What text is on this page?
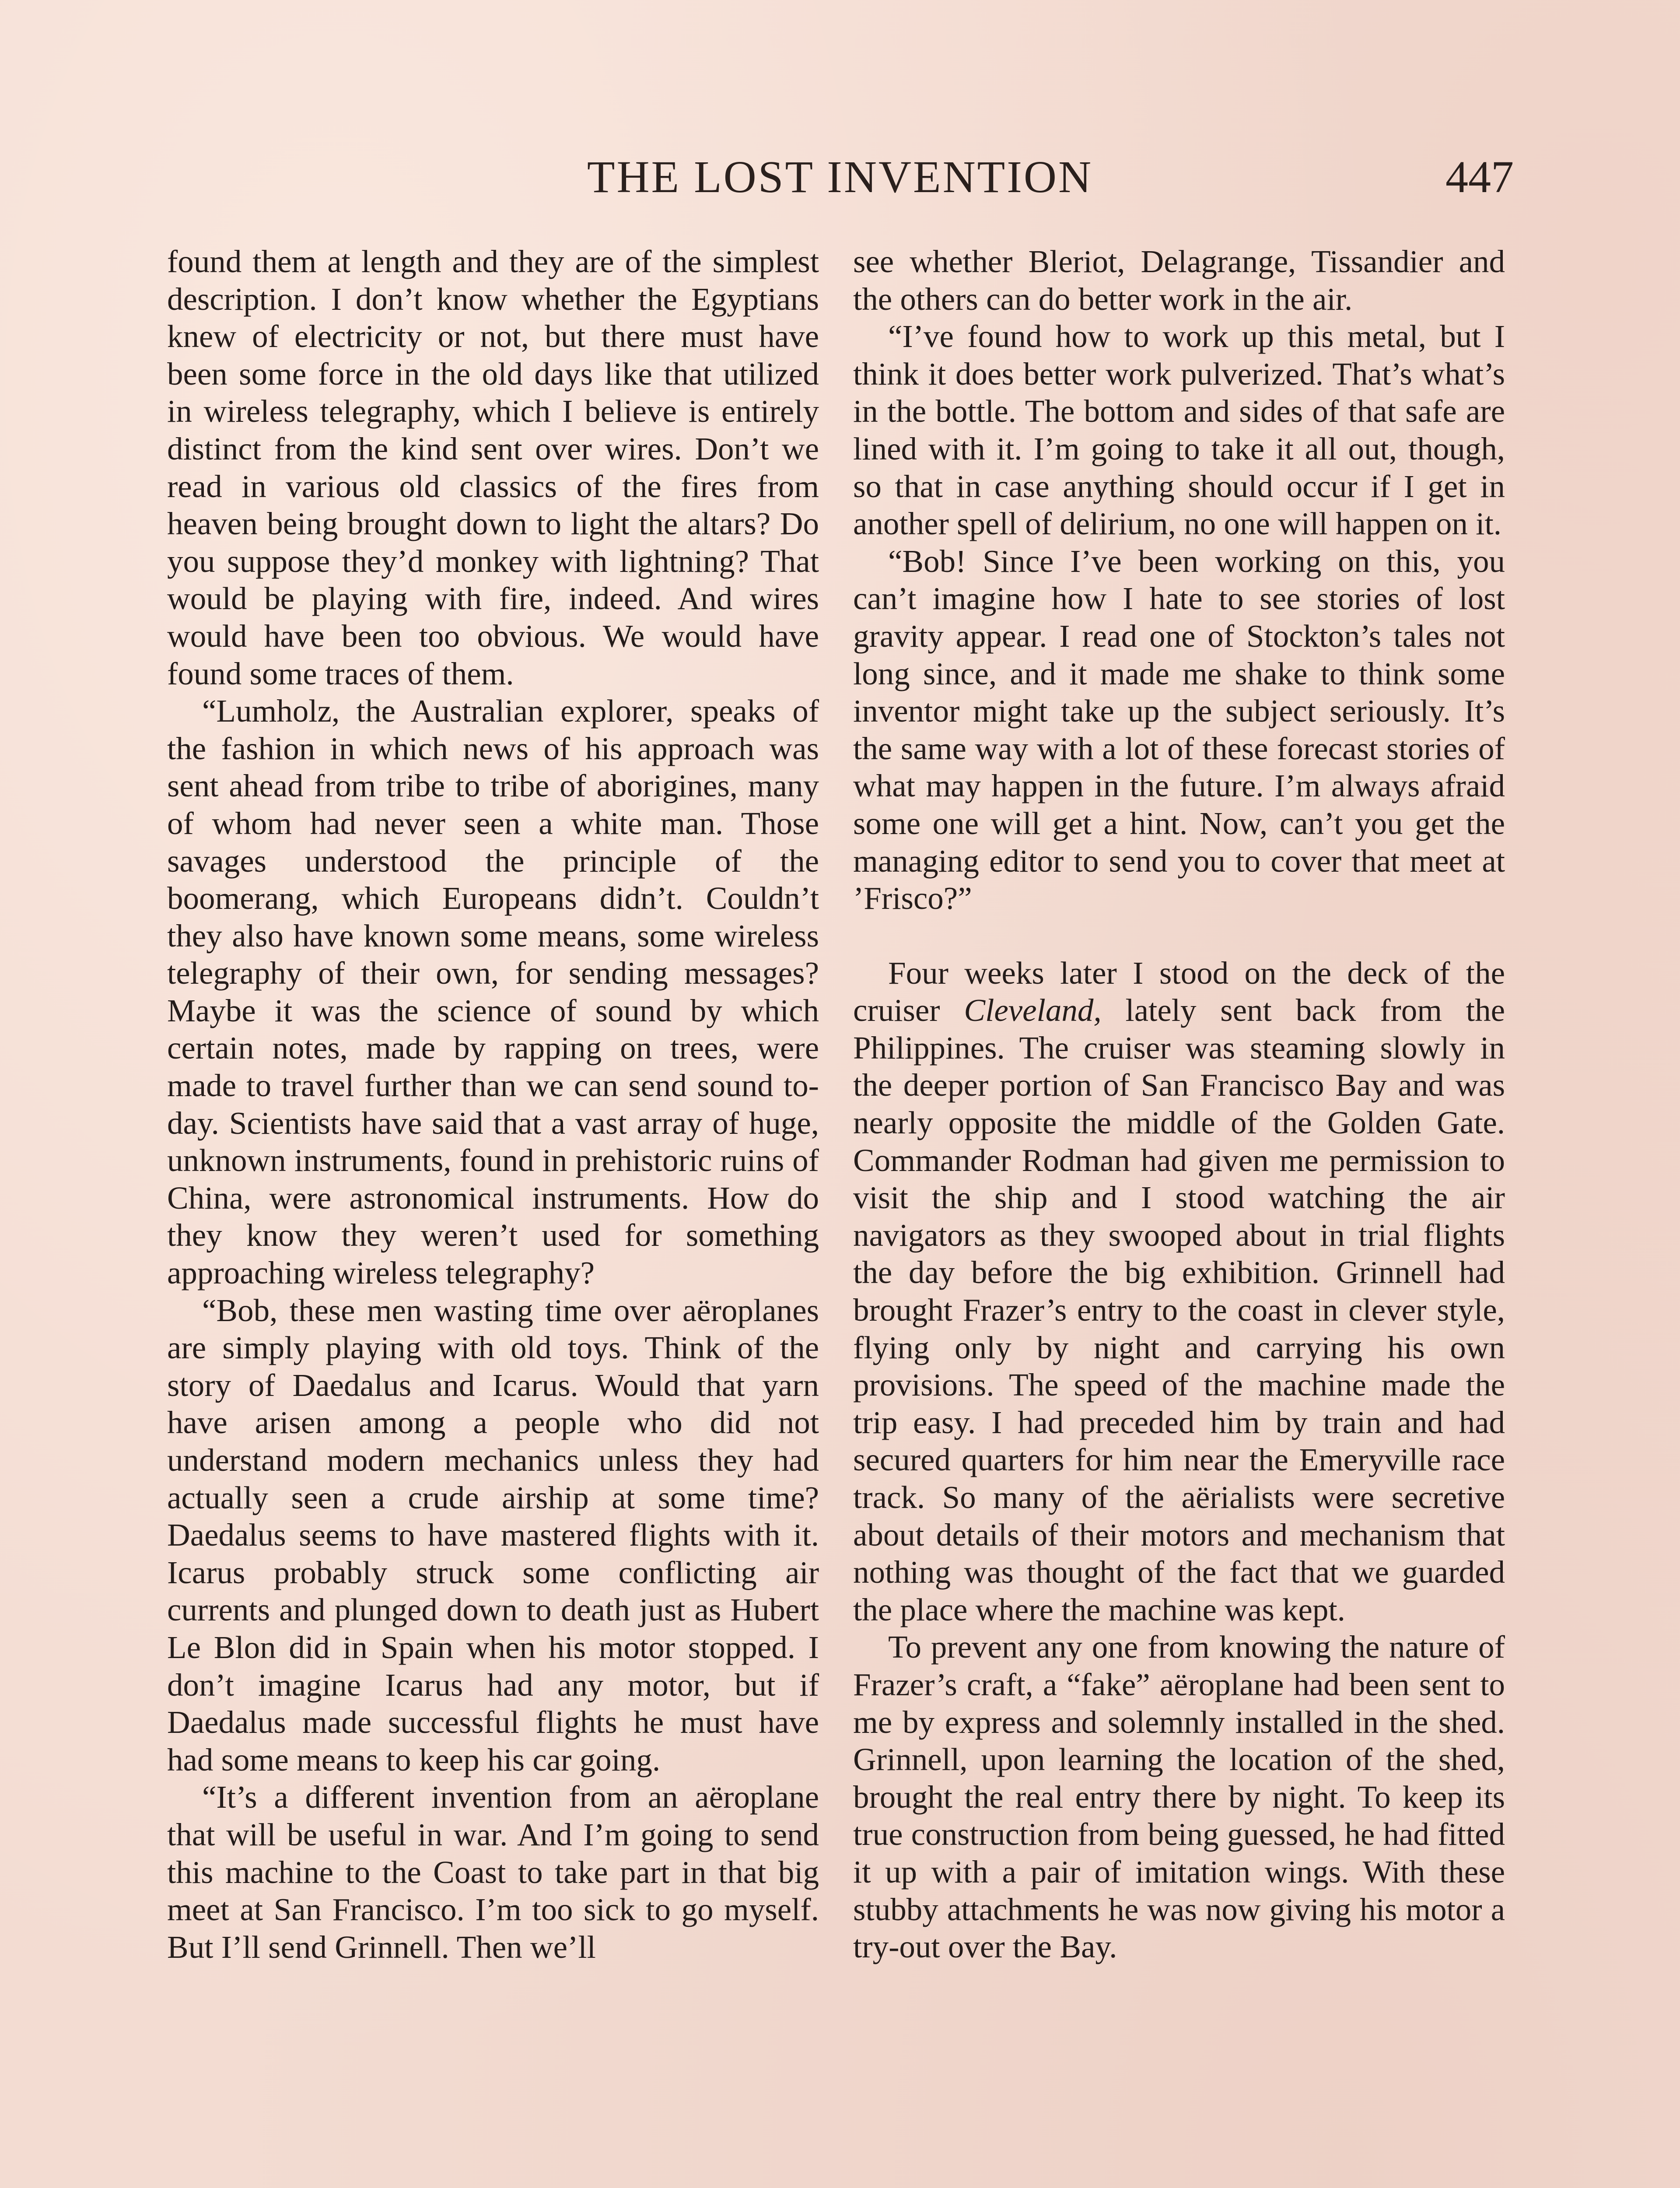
THE LOST INVENTION	447

found them at length and they are of the simplest description. I don’t know whether the Egyptians knew of electricity or not, but there must have been some force in the old days like that utilized in wireless telegraphy, which I believe is entirely distinct from the kind sent over wires. Don’t we read in various old classics of the fires from heaven being brought down to light the altars? Do you suppose they’d monkey with lightning? That would be playing with fire, indeed. And wires would have been too obvious. We would have found some traces of them.

“Lumholz, the Australian explorer, speaks of the fashion in which news of his approach was sent ahead from tribe to tribe of aborigines, many of whom had never seen a white man. Those savages understood the principle of the boomerang, which Europeans didn’t. Couldn’t they also have known some means, some wireless telegraphy of their own, for sending messages? Maybe it was the science of sound by which certain notes, made by rapping on trees, were made to travel further than we can send sound to-day. Scientists have said that a vast array of huge, unknown instruments, found in prehistoric ruins of China, were astronomical instruments. How do they know they weren’t used for something approaching wireless telegraphy?

“Bob, these men wasting time over aëroplanes are simply playing with old toys. Think of the story of Daedalus and Icarus. Would that yarn have arisen among a people who did not understand modern mechanics unless they had actually seen a crude airship at some time? Daedalus seems to have mastered flights with it. Icarus probably struck some conflicting air currents and plunged down to death just as Hubert Le Blon did in Spain when his motor stopped. I don’t imagine Icarus had any motor, but if Daedalus made successful flights he must have had some means to keep his car going.

“It’s a different invention from an aëroplane that will be useful in war. And I’m going to send this machine to the Coast to take part in that big meet at San Francisco. I’m too sick to go myself. But I’ll send Grinnell. Then we’ll

see whether Bleriot, Delagrange, Tissandier and the others can do better work in the air.

“I’ve found how to work up this metal, but I think it does better work pulverized. That’s what’s in the bottle. The bottom and sides of that safe are lined with it. I’m going to take it all out, though, so that in case anything should occur if I get in another spell of delirium, no one will happen on it.

“Bob! Since I’ve been working on this, you can’t imagine how I hate to see stories of lost gravity appear. I read one of Stockton’s tales not long since, and it made me shake to think some inventor might take up the subject seriously. It’s the same way with a lot of these forecast stories of what may happen in the future. I’m always afraid some one will get a hint. Now, can’t you get the managing editor to send you to cover that meet at ’Frisco?”

Four weeks later I stood on the deck of the cruiser Cleveland, lately sent back from the Philippines. The cruiser was steaming slowly in the deeper portion of San Francisco Bay and was nearly opposite the middle of the Golden Gate. Commander Rodman had given me permission to visit the ship and I stood watching the air navigators as they swooped about in trial flights the day before the big exhibition. Grinnell had brought Frazer’s entry to the coast in clever style, flying only by night and carrying his own provisions. The speed of the machine made the trip easy. I had preceded him by train and had secured quarters for him near the Emeryville race track. So many of the aërialists were secretive about details of their motors and mechanism that nothing was thought of the fact that we guarded the place where the machine was kept.

To prevent any one from knowing the nature of Frazer’s craft, a “fake” aëroplane had been sent to me by express and solemnly installed in the shed. Grinnell, upon learning the location of the shed, brought the real entry there by night. To keep its true construction from being guessed, he had fitted it up with a pair of imitation wings. With these stubby attachments he was now giving his motor a try-out over the Bay.
